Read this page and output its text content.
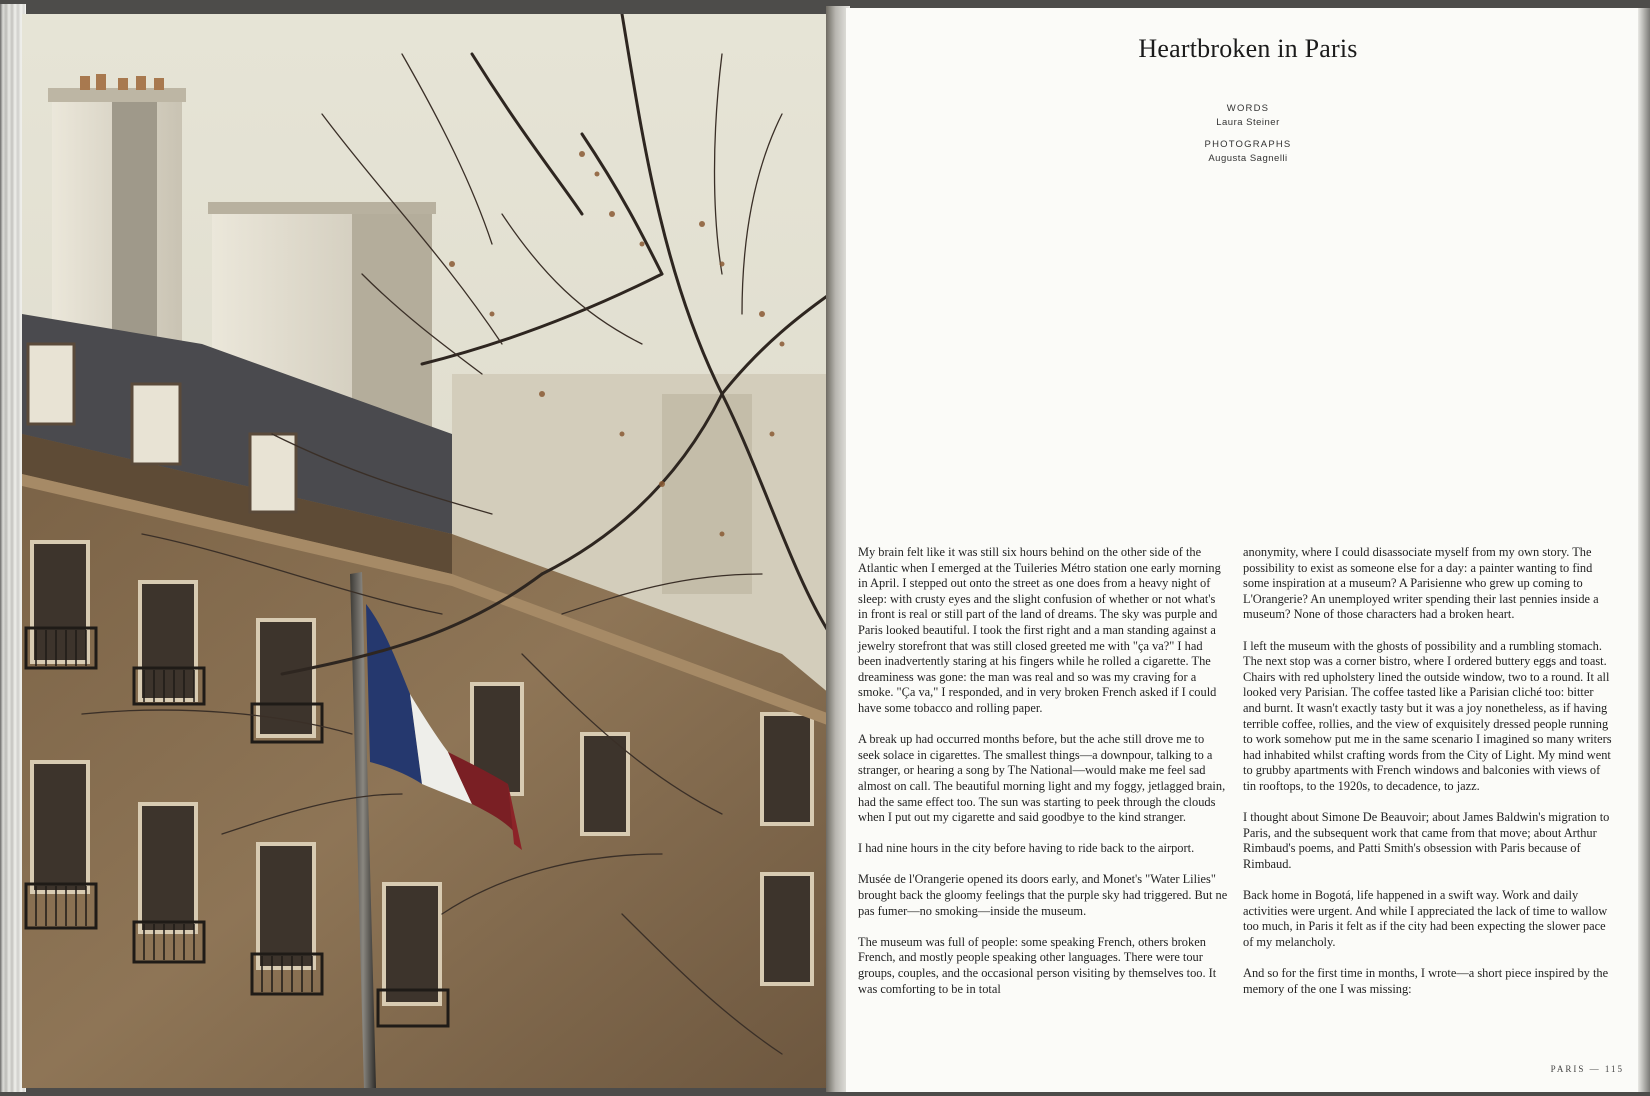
Heartbroken in Paris
WORDS
Laura Steiner
PHOTOGRAPHS
Augusta Sagnelli

My brain felt like it was still six hours behind on the other side of the Atlantic when I emerged at the Tuileries Métro station one early morning in April. I stepped out onto the street as one does from a heavy night of sleep: with crusty eyes and the slight confusion of whether or not what's in front is real or still part of the land of dreams. The sky was purple and Paris looked beautiful. I took the first right and a man standing against a jewelry storefront that was still closed greeted me with "ça va?" I had been inadvertently staring at his fingers while he rolled a cigarette. The dreaminess was gone: the man was real and so was my craving for a smoke. "Ça va," I responded, and in very broken French asked if I could have some tobacco and rolling paper.

A break up had occurred months before, but the ache still drove me to seek solace in cigarettes. The smallest things—a downpour, talking to a stranger, or hearing a song by The National—would make me feel sad almost on call. The beautiful morning light and my foggy, jetlagged brain, had the same effect too. The sun was starting to peek through the clouds when I put out my cigarette and said goodbye to the kind stranger.

I had nine hours in the city before having to ride back to the airport.

Musée de l'Orangerie opened its doors early, and Monet's "Water Lilies" brought back the gloomy feelings that the purple sky had triggered. But ne pas fumer—no smoking—inside the museum.

The museum was full of people: some speaking French, others broken French, and mostly people speaking other languages. There were tour groups, couples, and the occasional person visiting by themselves too. It was comforting to be in total

anonymity, where I could disassociate myself from my own story. The possibility to exist as someone else for a day: a painter wanting to find some inspiration at a museum? A Parisienne who grew up coming to L'Orangerie? An unemployed writer spending their last pennies inside a museum? None of those characters had a broken heart.

I left the museum with the ghosts of possibility and a rumbling stomach. The next stop was a corner bistro, where I ordered buttery eggs and toast. Chairs with red upholstery lined the outside window, two to a round. It all looked very Parisian. The coffee tasted like a Parisian cliché too: bitter and burnt. It wasn't exactly tasty but it was a joy nonetheless, as if having terrible coffee, rollies, and the view of exquisitely dressed people running to work somehow put me in the same scenario I imagined so many writers had inhabited whilst crafting words from the City of Light. My mind went to grubby apartments with French windows and balconies with views of tin rooftops, to the 1920s, to decadence, to jazz.

I thought about Simone De Beauvoir; about James Baldwin's migration to Paris, and the subsequent work that came from that move; about Arthur Rimbaud's poems, and Patti Smith's obsession with Paris because of Rimbaud.

Back home in Bogotá, life happened in a swift way. Work and daily activities were urgent. And while I appreciated the lack of time to wallow too much, in Paris it felt as if the city had been expecting the slower pace of my melancholy.

And so for the first time in months, I wrote—a short piece inspired by the memory of the one I was missing:

PARIS — 115
